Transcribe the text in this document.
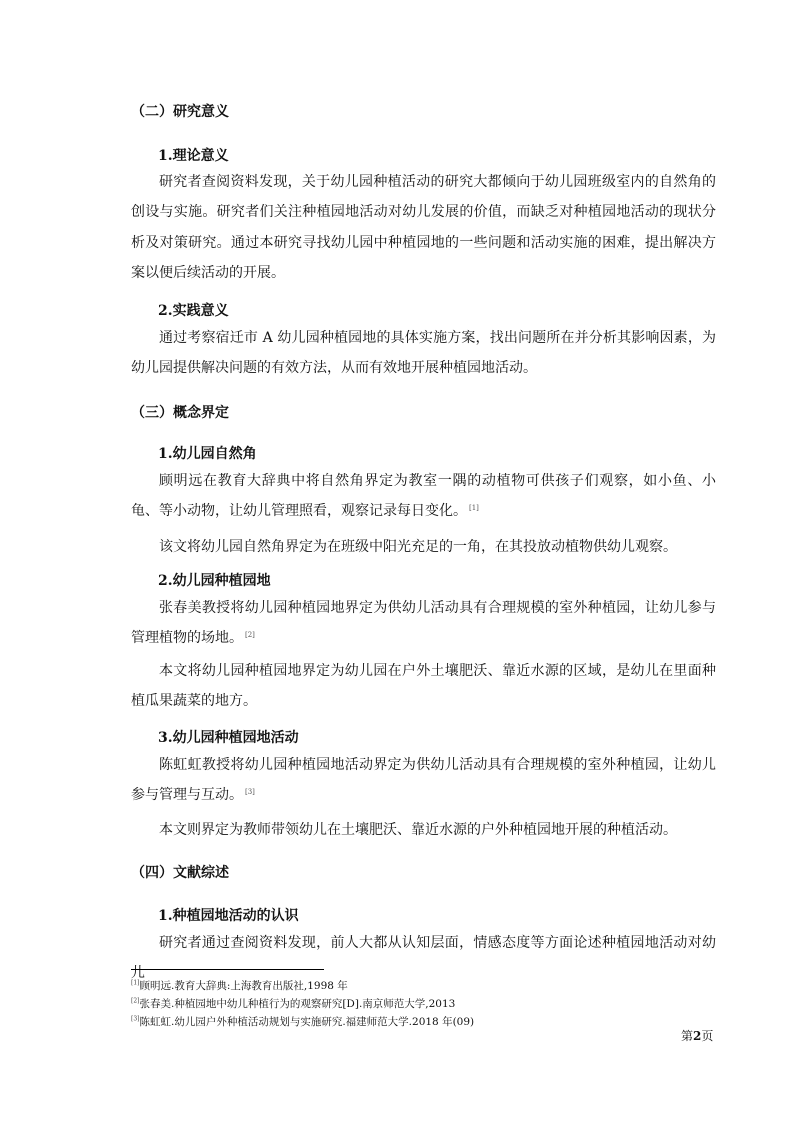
（二）研究意义
1.理论意义
研究者查阅资料发现，关于幼儿园种植活动的研究大都倾向于幼儿园班级室内的自然角的创设与实施。研究者们关注种植园地活动对幼儿发展的价值，而缺乏对种植园地活动的现状分析及对策研究。通过本研究寻找幼儿园中种植园地的一些问题和活动实施的困难，提出解决方案以便后续活动的开展。
2.实践意义
通过考察宿迁市 A 幼儿园种植园地的具体实施方案，找出问题所在并分析其影响因素，为幼儿园提供解决问题的有效方法，从而有效地开展种植园地活动。
（三）概念界定
1.幼儿园自然角
顾明远在教育大辞典中将自然角界定为教室一隅的动植物可供孩子们观察，如小鱼、小龟、等小动物，让幼儿管理照看，观察记录每日变化。 [1]
该文将幼儿园自然角界定为在班级中阳光充足的一角，在其投放动植物供幼儿观察。
2.幼儿园种植园地
张春美教授将幼儿园种植园地界定为供幼儿活动具有合理规模的室外种植园，让幼儿参与管理植物的场地。 [2]
本文将幼儿园种植园地界定为幼儿园在户外土壤肥沃、靠近水源的区域，是幼儿在里面种植瓜果蔬菜的地方。
3.幼儿园种植园地活动
陈虹虹教授将幼儿园种植园地活动界定为供幼儿活动具有合理规模的室外种植园，让幼儿参与管理与互动。 [3]
本文则界定为教师带领幼儿在土壤肥沃、靠近水源的户外种植园地开展的种植活动。
（四）文献综述
1.种植园地活动的认识
研究者通过查阅资料发现，前人大都从认知层面，情感态度等方面论述种植园地活动对幼儿
[1]顾明远.教育大辞典:上海教育出版社,1998 年
[2]张春美.种植园地中幼儿种植行为的观察研究[D].南京师范大学,2013
[3]陈虹虹.幼儿园户外种植活动规划与实施研究.福建师范大学.2018 年(09)
第2页
